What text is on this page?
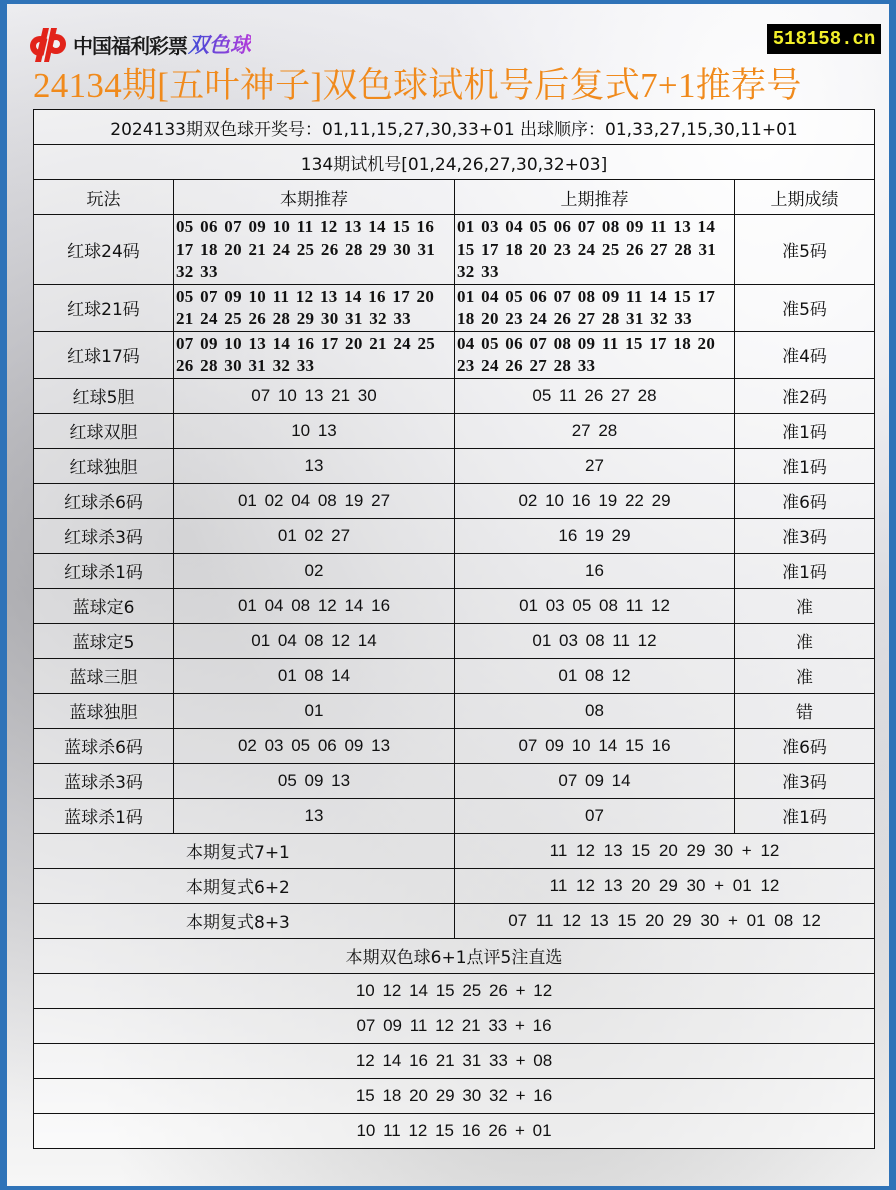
中国福利彩票 双色球	518158.cn
24134期[五叶神子]双色球试机号后复式7+1推荐号
2024133期双色球开奖号：01,11,15,27,30,33+01 出球顺序：01,33,27,15,30,11+01			
134期试机号[01,24,26,27,30,32+03]			
玩法	本期推荐	上期推荐	上期成绩
红球24码	05 06 07 09 10 11 12 13 14 15 16 17 18 20 21 24 25 26 28 29 30 31 32 33	01 03 04 05 06 07 08 09 11 13 14 15 17 18 20 23 24 25 26 27 28 31 32 33	准5码
红球21码	05 07 09 10 11 12 13 14 16 17 20 21 24 25 26 28 29 30 31 32 33	01 04 05 06 07 08 09 11 14 15 17 18 20 23 24 26 27 28 31 32 33	准5码
红球17码	07 09 10 13 14 16 17 20 21 24 25 26 28 30 31 32 33	04 05 06 07 08 09 11 15 17 18 20 23 24 26 27 28 33	准4码
红球5胆	07 10 13 21 30	05 11 26 27 28	准2码
红球双胆	10 13	27 28	准1码
红球独胆	13	27	准1码
红球杀6码	01 02 04 08 19 27	02 10 16 19 22 29	准6码
红球杀3码	01 02 27	16 19 29	准3码
红球杀1码	02	16	准1码
蓝球定6	01 04 08 12 14 16	01 03 05 08 11 12	准
蓝球定5	01 04 08 12 14	01 03 08 11 12	准
蓝球三胆	01 08 14	01 08 12	准
蓝球独胆	01	08	错
蓝球杀6码	02 03 05 06 09 13	07 09 10 14 15 16	准6码
蓝球杀3码	05 09 13	07 09 14	准3码
蓝球杀1码	13	07	准1码
本期复式7+1		11 12 13 15 20 29 30 + 12	
本期复式6+2		11 12 13 20 29 30 + 01 12	
本期复式8+3		07 11 12 13 15 20 29 30 + 01 08 12	
本期双色球6+1点评5注直选			
10 12 14 15 25 26 + 12			
07 09 11 12 21 33 + 16			
12 14 16 21 31 33 + 08			
15 18 20 29 30 32 + 16			
10 11 12 15 16 26 + 01			
